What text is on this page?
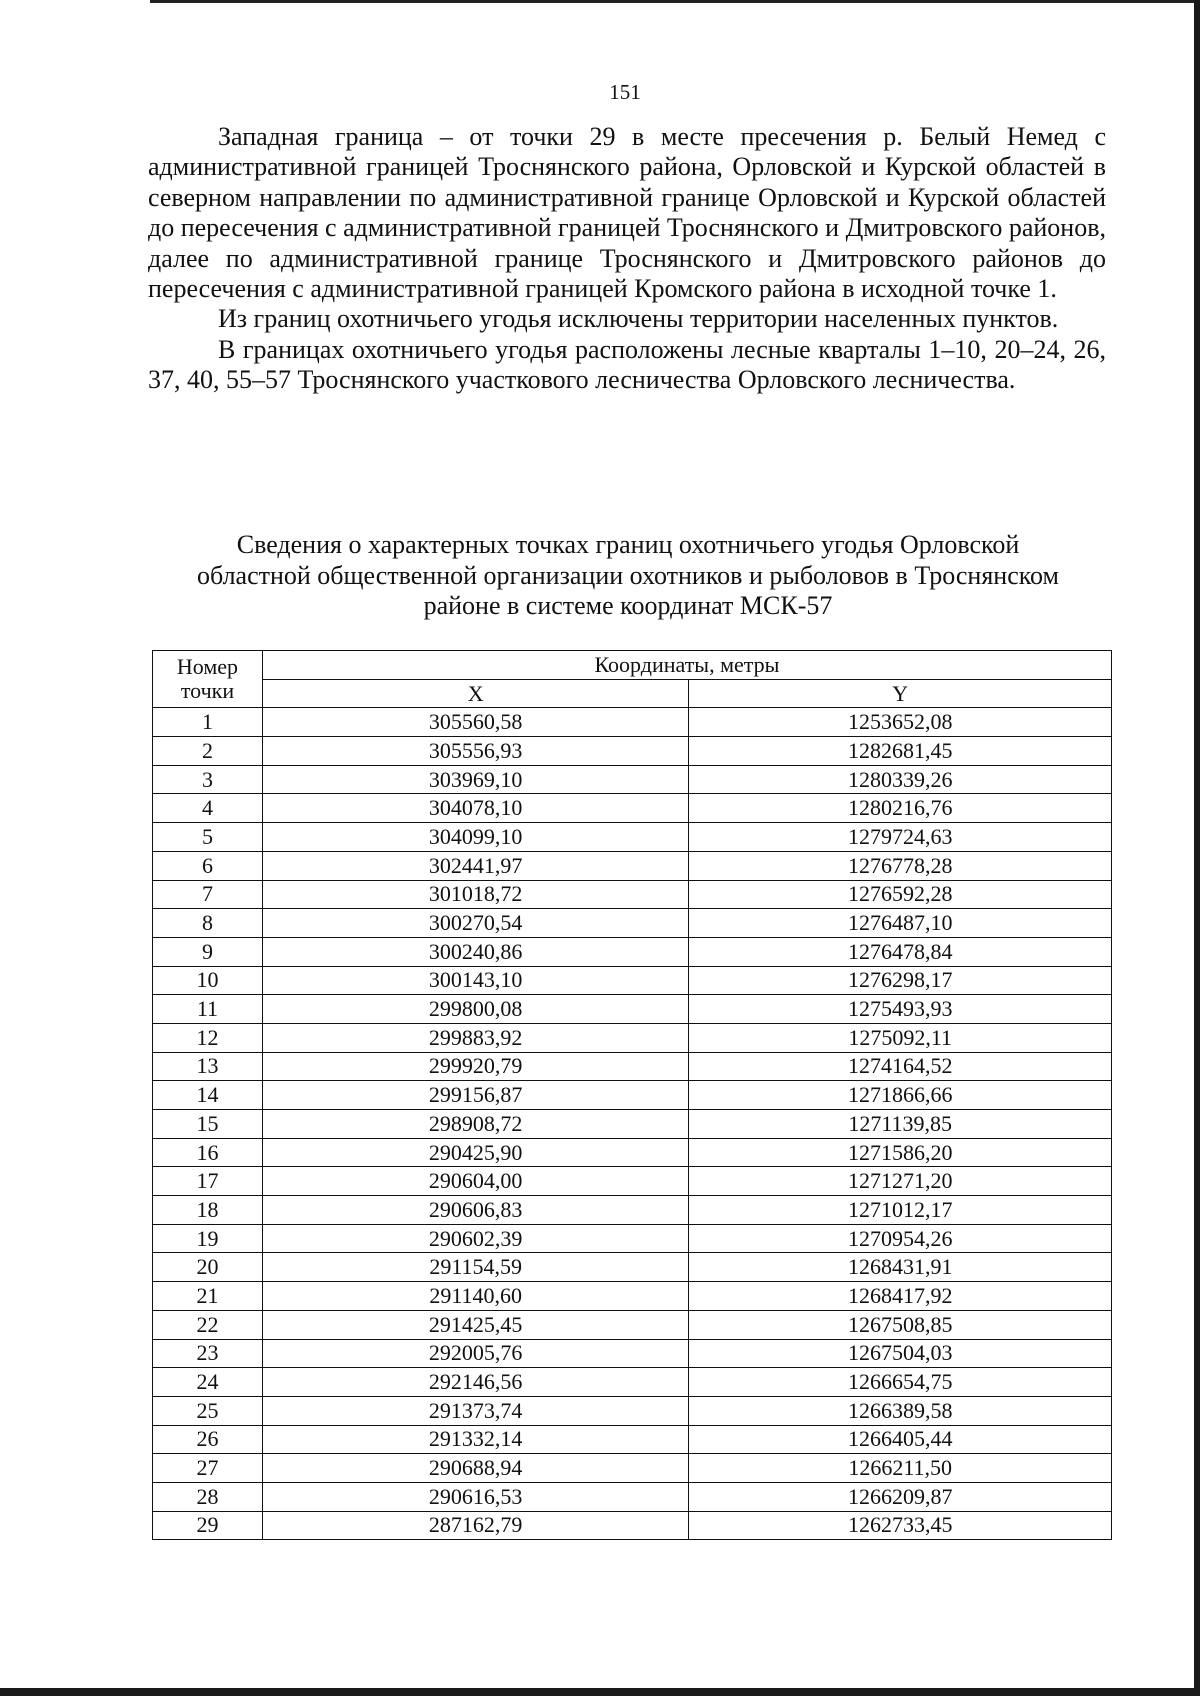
151

Западная граница – от точки 29 в месте пресечения р. Белый Немед с административной границей Троснянского района, Орловской и Курской областей в северном направлении по административной границе Орловской и Курской областей до пересечения с административной границей Троснянского и Дмитровского районов, далее по административной границе Троснянского и Дмитровского районов до пересечения с административной границей Кромского района в исходной точке 1.

Из границ охотничьего угодья исключены территории населенных пунктов.

В границах охотничьего угодья расположены лесные кварталы 1–10, 20–24, 26, 37, 40, 55–57 Троснянского участкового лесничества Орловского лесничества.

Сведения о характерных точках границ охотничьего угодья Орловской
областной общественной организации охотников и рыболовов в Троснянском
районе в системе координат МСК-57
Номер точки	Координаты, метры	
	X	Y
1	305560,58	1253652,08
2	305556,93	1282681,45
3	303969,10	1280339,26
4	304078,10	1280216,76
5	304099,10	1279724,63
6	302441,97	1276778,28
7	301018,72	1276592,28
8	300270,54	1276487,10
9	300240,86	1276478,84
10	300143,10	1276298,17
11	299800,08	1275493,93
12	299883,92	1275092,11
13	299920,79	1274164,52
14	299156,87	1271866,66
15	298908,72	1271139,85
16	290425,90	1271586,20
17	290604,00	1271271,20
18	290606,83	1271012,17
19	290602,39	1270954,26
20	291154,59	1268431,91
21	291140,60	1268417,92
22	291425,45	1267508,85
23	292005,76	1267504,03
24	292146,56	1266654,75
25	291373,74	1266389,58
26	291332,14	1266405,44
27	290688,94	1266211,50
28	290616,53	1266209,87
29	287162,79	1262733,45
